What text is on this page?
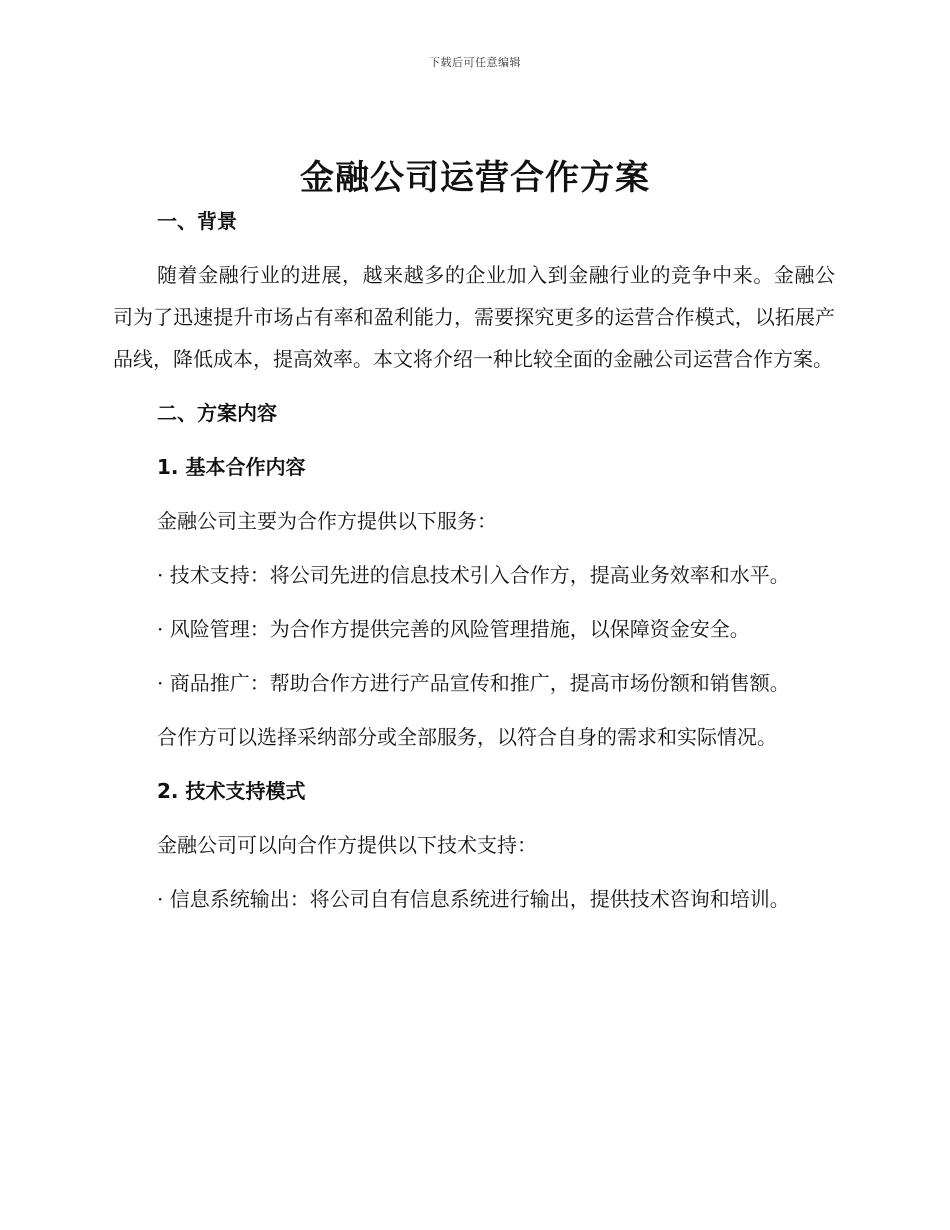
下载后可任意编辑
金融公司运营合作方案

一、背景

随着金融行业的进展，越来越多的企业加入到金融行业的竞争中来。金融公司为了迅速提升市场占有率和盈利能力，需要探究更多的运营合作模式，以拓展产品线，降低成本，提高效率。本文将介绍一种比较全面的金融公司运营合作方案。

二、方案内容

1. 基本合作内容

金融公司主要为合作方提供以下服务：

· 技术支持：将公司先进的信息技术引入合作方，提高业务效率和水平。

· 风险管理：为合作方提供完善的风险管理措施，以保障资金安全。

· 商品推广：帮助合作方进行产品宣传和推广，提高市场份额和销售额。

合作方可以选择采纳部分或全部服务，以符合自身的需求和实际情况。

2. 技术支持模式

金融公司可以向合作方提供以下技术支持：

· 信息系统输出：将公司自有信息系统进行输出，提供技术咨询和培训。
